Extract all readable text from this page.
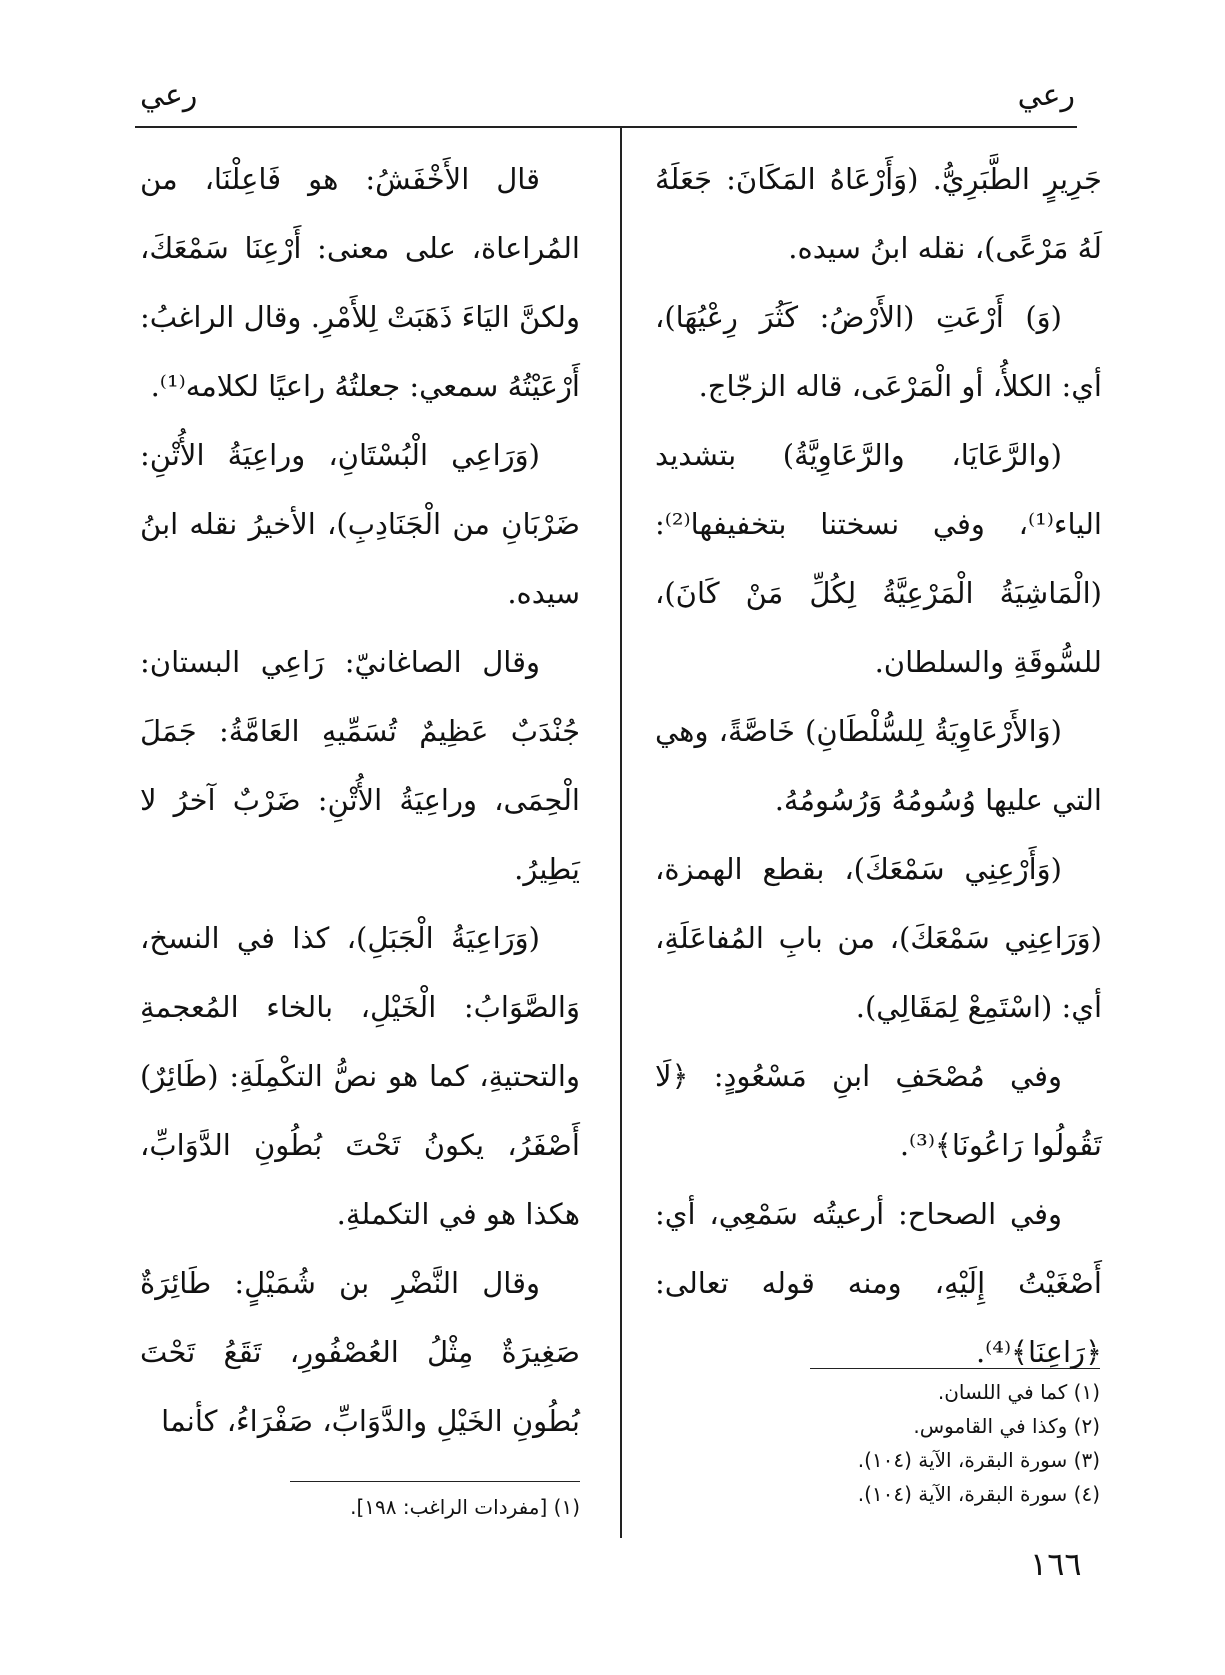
رعي	رعي

جَرِيرٍ الطَّبَرِيُّ. (وَأَرْعَاهُ المَكَانَ: جَعَلَهُ لَهُ مَرْعًى)، نقله ابنُ سيده.

(وَ) أَرْعَتِ (الأَرْضُ: كَثُرَ رِعْيُهَا)، أي: الكلأُ، أو الْمَرْعَى، قاله الزجّاج.

(والرَّعَايَا، والرَّعَاوِيَّةُ) بتشديد الياء⁽¹⁾، وفي نسختنا بتخفيفها⁽²⁾: (الْمَاشِيَةُ الْمَرْعِيَّةُ لِكُلِّ مَنْ كَانَ)، للسُّوقَةِ والسلطان.

(وَالأَرْعَاوِيَةُ لِلسُّلْطَانِ) خَاصَّةً، وهي التي عليها وُسُومُهُ وَرُسُومُهُ.

(وَأَرْعِنِي سَمْعَكَ)، بقطع الهمزة، (وَرَاعِنِي سَمْعَكَ)، من بابِ المُفاعَلَةِ، أي: (اسْتَمِعْ لِمَقَالِي).

وفي مُصْحَفِ ابنِ مَسْعُودٍ: ﴿لَا تَقُولُوا رَاعُونَا﴾⁽³⁾.

وفي الصحاح: أرعيتُه سَمْعِي، أي: أَصْغَيْتُ إِلَيْهِ، ومنه قوله تعالى: ﴿رَاعِنَا﴾⁽⁴⁾.

قال الأَخْفَشُ: هو فَاعِلْنَا، من المُراعاة، على معنى: أَرْعِنَا سَمْعَكَ، ولكنَّ اليَاءَ ذَهَبَتْ لِلأَمْرِ. وقال الراغبُ: أَرْعَيْتُهُ سمعي: جعلتُهُ راعيًا لكلامه⁽¹⁾.

(وَرَاعِي الْبُسْتَانِ، وراعِيَةُ الأُتْنِ: ضَرْبَانِ من الْجَنَادِبِ)، الأخيرُ نقله ابنُ سيده.

وقال الصاغانيّ: رَاعِي البستان: جُنْدَبٌ عَظِيمٌ تُسَمِّيهِ العَامَّةُ: جَمَلَ الْحِمَى، وراعِيَةُ الأُتْنِ: ضَرْبٌ آخرُ لا يَطِيرُ.

(وَرَاعِيَةُ الْجَبَلِ)، كذا في النسخ، وَالصَّوَابُ: الْخَيْلِ، بالخاء المُعجمةِ والتحتيةِ، كما هو نصُّ التكْمِلَةِ: (طَائِرٌ) أَصْفَرُ، يكونُ تَحْتَ بُطُونِ الدَّوَابِّ، هكذا هو في التكملةِ.

وقال النَّضْرِ بن شُمَيْلٍ: طَائِرَةٌ صَغِيرَةٌ مِثْلُ العُصْفُورِ، تَقَعُ تَحْتَ بُطُونِ الخَيْلِ والدَّوَابِّ، صَفْرَاءُ، كأنما

(١) كما في اللسان.

(٢) وكذا في القاموس.

(٣) سورة البقرة، الآية (١٠٤).

(٤) سورة البقرة، الآية (١٠٤).

(١) [مفردات الراغب: ١٩٨].

١٦٦
